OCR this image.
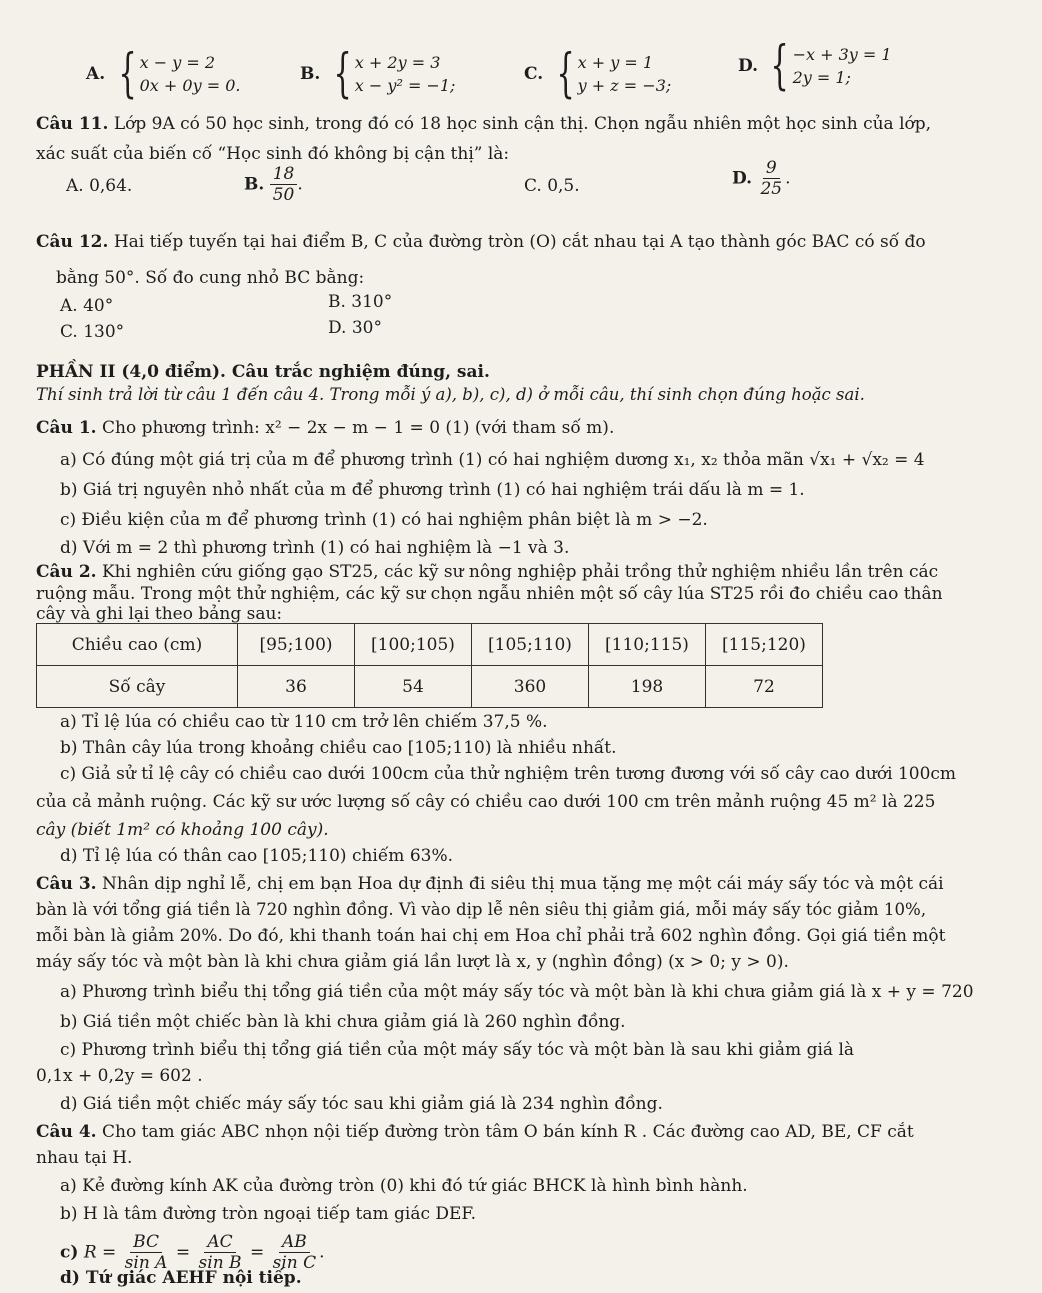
A. { x − y = 2
0x + 0y = 0.
B. { x + 2y = 3
x − y² = −1;
C. { x + y = 1
y + z = −3;
D. { −x + 3y = 1
2y = 1;
Câu 11. Lớp 9A có 50 học sinh, trong đó có 18 học sinh cận thị. Chọn ngẫu nhiên một học sinh của lớp,
xác suất của biến cố “Học sinh đó không bị cận thị” là:
A. 0,64.	B. $\frac{18}{50}$ .	C. 0,5.	D. $\frac{9}{25}$ .
Câu 12. Hai tiếp tuyến tại hai điểm B, C của đường tròn (O) cắt nhau tại A tạo thành góc BAC có số đo
bằng 50°. Số đo cung nhỏ BC bằng:
A. 40°	B. 310°
C. 130°	D. 30°
PHẦN II (4,0 điểm). Câu trắc nghiệm đúng, sai.
Thí sinh trả lời từ câu 1 đến câu 4. Trong mỗi ý a), b), c), d) ở mỗi câu, thí sinh chọn đúng hoặc sai.
Câu 1. Cho phương trình: x² − 2x − m − 1 = 0 (1) (với tham số m).
a) Có đúng một giá trị của m để phương trình (1) có hai nghiệm dương x₁, x₂ thỏa mãn √x₁ + √x₂ = 4
b) Giá trị nguyên nhỏ nhất của m để phương trình (1) có hai nghiệm trái dấu là m = 1.
c) Điều kiện của m để phương trình (1) có hai nghiệm phân biệt là m > −2.
d) Với m = 2 thì phương trình (1) có hai nghiệm là −1 và 3.
Câu 2. Khi nghiên cứu giống gạo ST25, các kỹ sư nông nghiệp phải trồng thử nghiệm nhiều lần trên các
ruộng mẫu. Trong một thử nghiệm, các kỹ sư chọn ngẫu nhiên một số cây lúa ST25 rồi đo chiều cao thân
cây và ghi lại theo bảng sau:
Chiều cao (cm)	[95;100)	[100;105)	[105;110)	[110;115)	[115;120)
Số cây	36	54	360	198	72
a) Tỉ lệ lúa có chiều cao từ 110 cm trở lên chiếm 37,5 %.
b) Thân cây lúa trong khoảng chiều cao [105;110) là nhiều nhất.
c) Giả sử tỉ lệ cây có chiều cao dưới 100cm của thử nghiệm trên tương đương với số cây cao dưới 100cm
của cả mảnh ruộng. Các kỹ sư ước lượng số cây có chiều cao dưới 100 cm trên mảnh ruộng 45 m² là 225
cây (biết 1m² có khoảng 100 cây).
d) Tỉ lệ lúa có thân cao [105;110) chiếm 63%.
Câu 3. Nhân dịp nghỉ lễ, chị em bạn Hoa dự định đi siêu thị mua tặng mẹ một cái máy sấy tóc và một cái
bàn là với tổng giá tiền là 720 nghìn đồng. Vì vào dịp lễ nên siêu thị giảm giá, mỗi máy sấy tóc giảm 10%,
mỗi bàn là giảm 20%. Do đó, khi thanh toán hai chị em Hoa chỉ phải trả 602 nghìn đồng. Gọi giá tiền một
máy sấy tóc và một bàn là khi chưa giảm giá lần lượt là x, y (nghìn đồng) (x > 0; y > 0).
a) Phương trình biểu thị tổng giá tiền của một máy sấy tóc và một bàn là khi chưa giảm giá là x + y = 720
b) Giá tiền một chiếc bàn là khi chưa giảm giá là 260 nghìn đồng.
c) Phương trình biểu thị tổng giá tiền của một máy sấy tóc và một bàn là sau khi giảm giá là
0,1x + 0,2y = 602 .
d) Giá tiền một chiếc máy sấy tóc sau khi giảm giá là 234 nghìn đồng.
Câu 4. Cho tam giác ABC nhọn nội tiếp đường tròn tâm O bán kính R . Các đường cao AD, BE, CF cắt
nhau tại H.
a) Kẻ đường kính AK của đường tròn (0) khi đó tứ giác BHCK là hình bình hành.
b) H là tâm đường tròn ngoại tiếp tam giác DEF.
c) $R = \frac{BC}{\text{sin A}} = \frac{AC}{\text{sin B}} = \frac{AB}{\text{sin C}}$ .
d) Tứ giác AEHF nội tiếp.
